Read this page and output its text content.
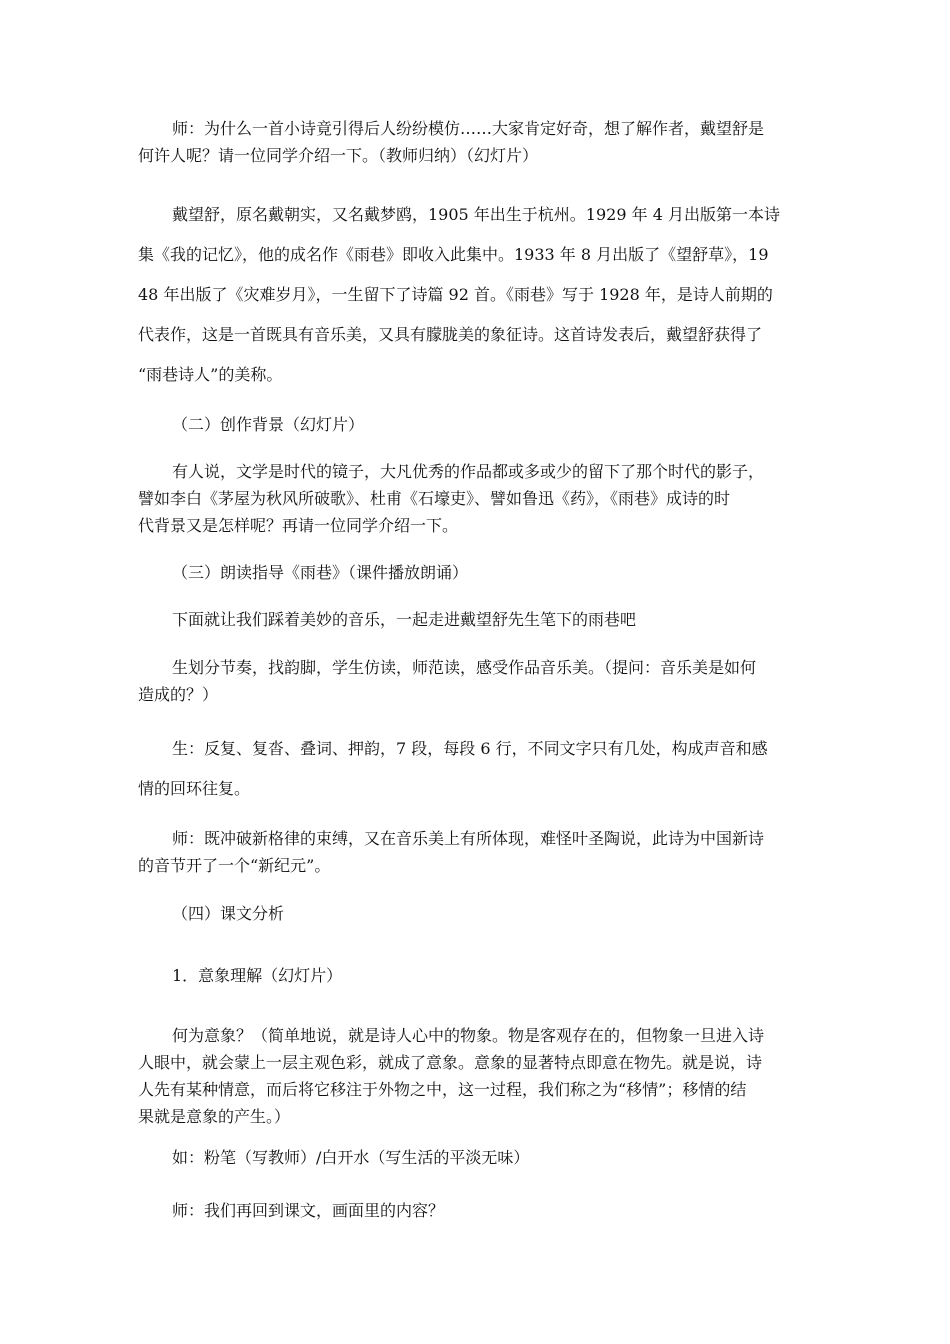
师：为什么一首小诗竟引得后人纷纷模仿……大家肯定好奇，想了解作者，戴望舒是
何许人呢？请一位同学介绍一下。（教师归纳）（幻灯片）
戴望舒，原名戴朝实，又名戴梦鸥，1905 年出生于杭州。1929 年 4 月出版第一本诗
集《我的记忆》，他的成名作《雨巷》即收入此集中。1933 年 8 月出版了《望舒草》，19
48 年出版了《灾难岁月》，一生留下了诗篇 92 首。《雨巷》写于 1928 年，是诗人前期的
代表作，这是一首既具有音乐美，又具有朦胧美的象征诗。这首诗发表后，戴望舒获得了
“雨巷诗人”的美称。
（二）创作背景（幻灯片）
有人说，文学是时代的镜子，大凡优秀的作品都或多或少的留下了那个时代的影子，
譬如李白《茅屋为秋风所破歌》、杜甫《石壕吏》、譬如鲁迅《药》，《雨巷》成诗的时
代背景又是怎样呢？再请一位同学介绍一下。
（三）朗读指导《雨巷》（课件播放朗诵）
下面就让我们踩着美妙的音乐，一起走进戴望舒先生笔下的雨巷吧
生划分节奏，找韵脚，学生仿读，师范读，感受作品音乐美。（提问：音乐美是如何
造成的？）
生：反复、复沓、叠词、押韵，7 段，每段 6 行，不同文字只有几处，构成声音和感
情的回环往复。
师：既冲破新格律的束缚，又在音乐美上有所体现，难怪叶圣陶说，此诗为中国新诗
的音节开了一个“新纪元”。
（四）课文分析
1．意象理解（幻灯片）
何为意象？（简单地说，就是诗人心中的物象。物是客观存在的，但物象一旦进入诗
人眼中，就会蒙上一层主观色彩，就成了意象。意象的显著特点即意在物先。就是说，诗
人先有某种情意，而后将它移注于外物之中，这一过程，我们称之为“移情”；移情的结
果就是意象的产生。）
如：粉笔（写教师）/白开水（写生活的平淡无味）
师：我们再回到课文，画面里的内容？
